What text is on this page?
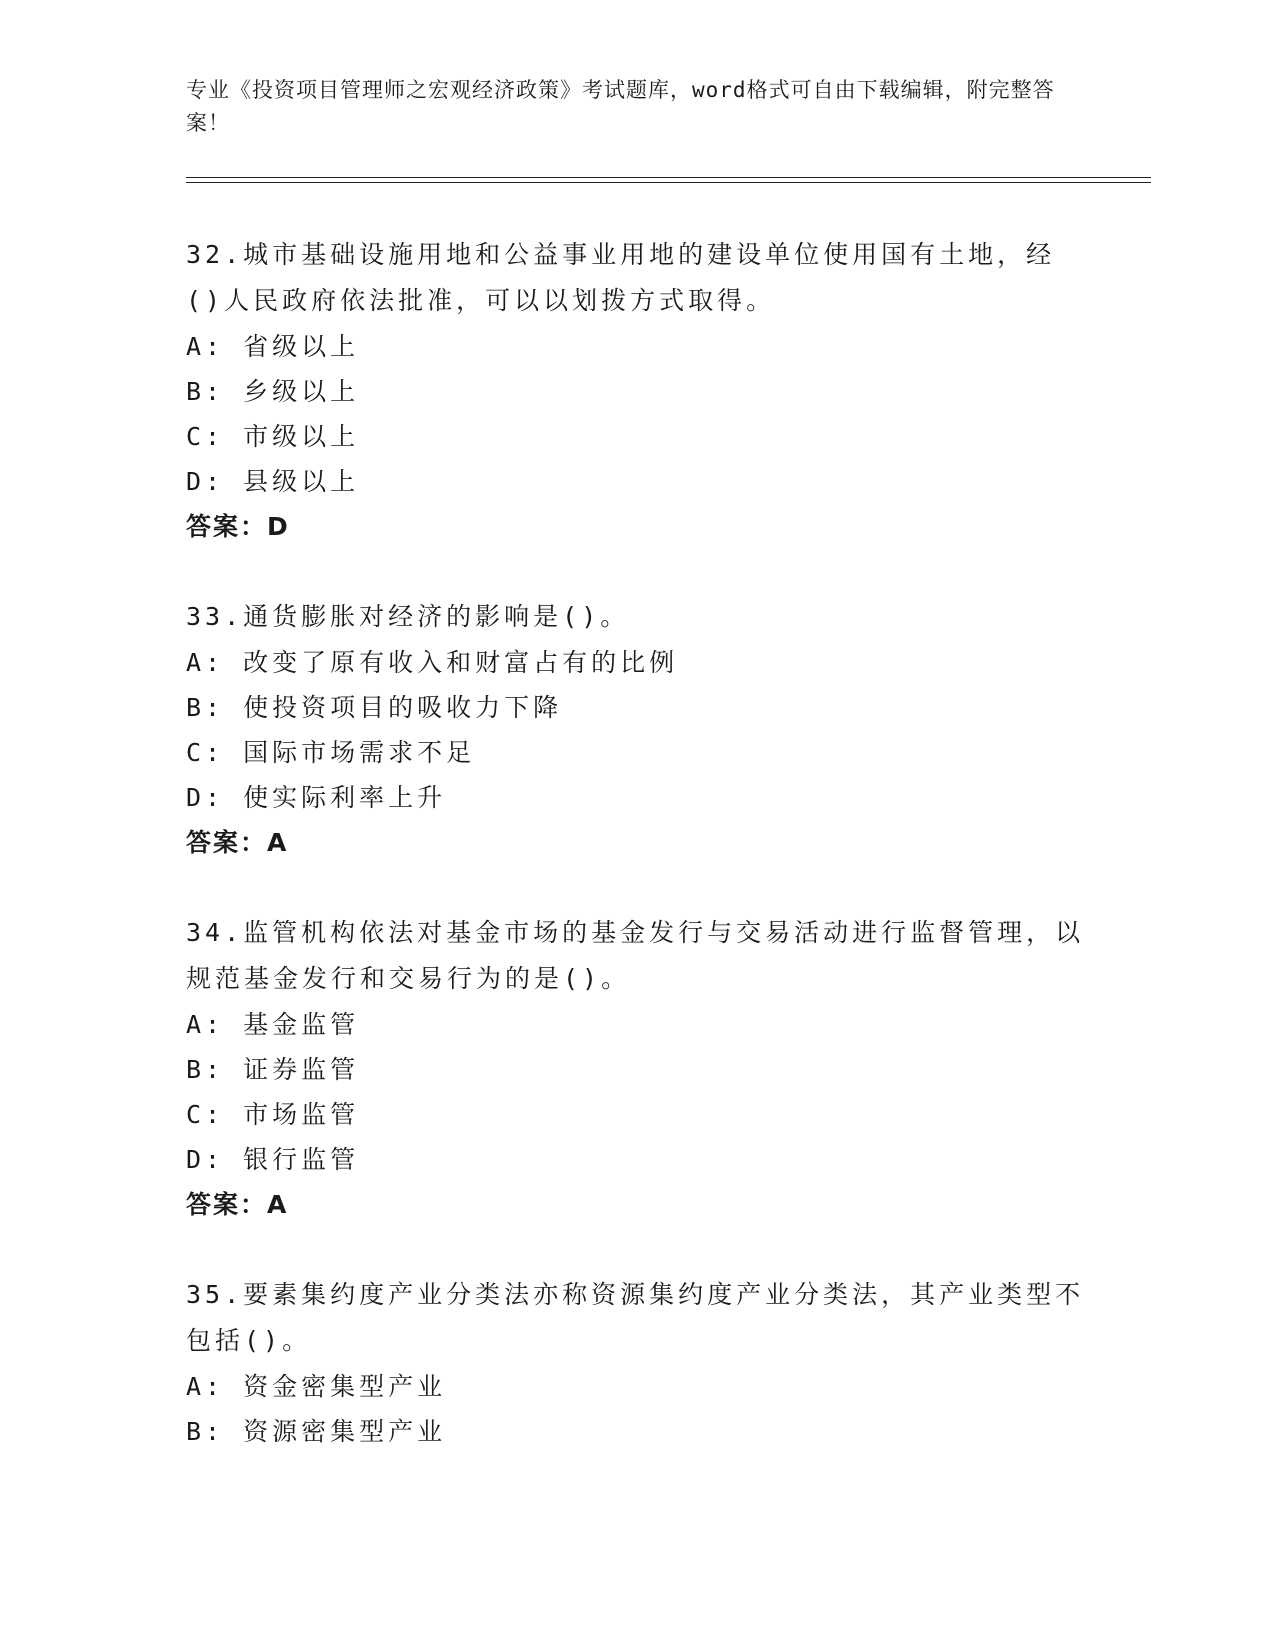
专业《投资项目管理师之宏观经济政策》考试题库，word格式可自由下载编辑，附完整答案！
32.城市基础设施用地和公益事业用地的建设单位使用国有土地，经()人民政府依法批准，可以以划拨方式取得。
A: 省级以上
B: 乡级以上
C: 市级以上
D: 县级以上
答案：D
33.通货膨胀对经济的影响是()。
A: 改变了原有收入和财富占有的比例
B: 使投资项目的吸收力下降
C: 国际市场需求不足
D: 使实际利率上升
答案：A
34.监管机构依法对基金市场的基金发行与交易活动进行监督管理，以规范基金发行和交易行为的是()。
A: 基金监管
B: 证券监管
C: 市场监管
D: 银行监管
答案：A
35.要素集约度产业分类法亦称资源集约度产业分类法，其产业类型不包括()。
A: 资金密集型产业
B: 资源密集型产业
